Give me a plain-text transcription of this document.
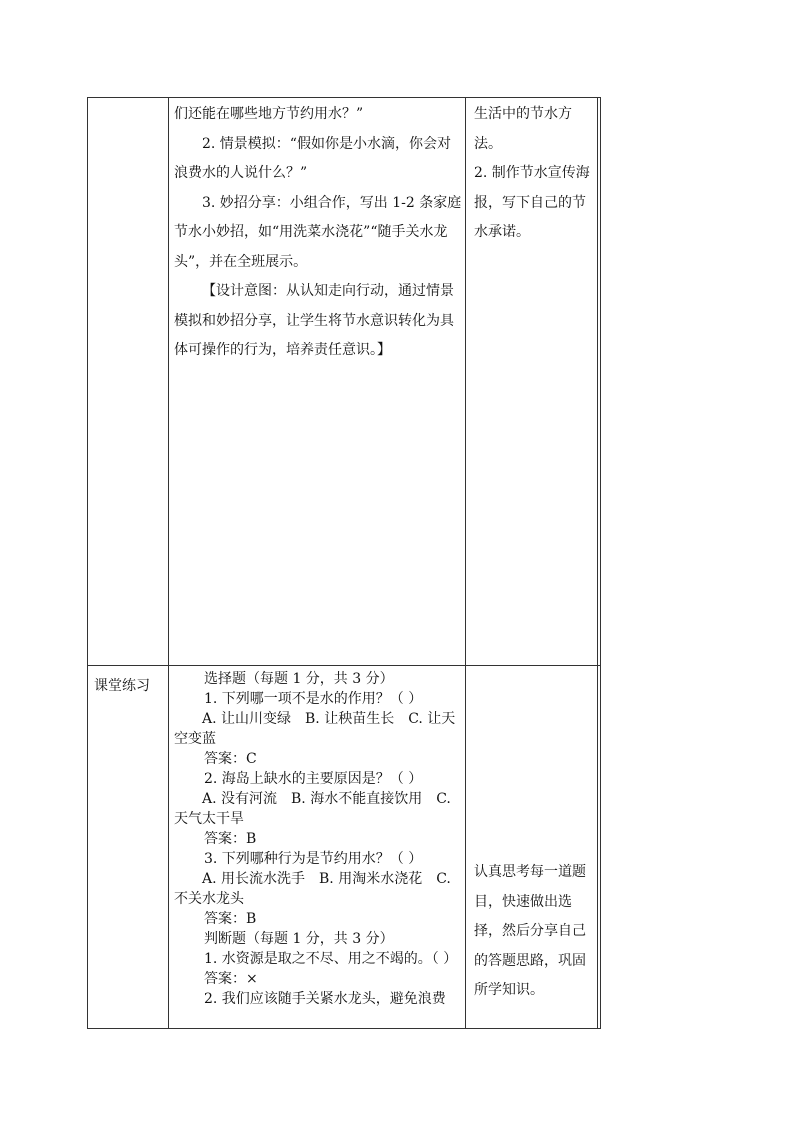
们还能在哪些地方节约用水？”

2. 情景模拟：“假如你是小水滴，你会对浪费水的人说什么？”

3. 妙招分享：小组合作，写出 1-2 条家庭节水小妙招，如“用洗菜水浇花”“随手关水龙头”，并在全班展示。

【设计意图：从认知走向行动，通过情景模拟和妙招分享，让学生将节水意识转化为具体可操作的行为，培养责任意识。】

生活中的节水方法。

2. 制作节水宣传海报，写下自己的节水承诺。

课堂练习	选择题（每题 1 分，共 3 分）

1. 下列哪一项不是水的作用？（ ）

A. 让山川变绿　B. 让秧苗生长　C. 让天空变蓝

答案：C

2. 海岛上缺水的主要原因是？（ ）

A. 没有河流　B. 海水不能直接饮用　C. 天气太干旱

答案：B

3. 下列哪种行为是节约用水？（ ）

A. 用长流水洗手　B. 用淘米水浇花　C. 不关水龙头

答案：B

判断题（每题 1 分，共 3 分）

1. 水资源是取之不尽、用之不竭的。（ ）

答案：×

2. 我们应该随手关紧水龙头，避免浪费

认真思考每一道题目，快速做出选择，然后分享自己的答题思路，巩固所学知识。
